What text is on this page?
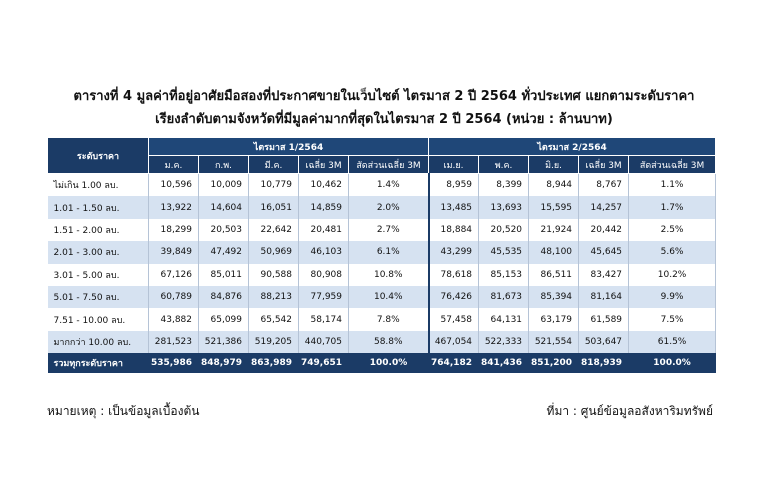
ตารางที่ 4 มูลค่าที่อยู่อาศัยมือสองที่ประกาศขายในเว็บไซต์ ไตรมาส 2 ปี 2564 ทั่วประเทศ แยกตามระดับราคา
เรียงลำดับตามจังหวัดที่มีมูลค่ามากที่สุดในไตรมาส 2 ปี 2564 (หน่วย : ล้านบาท)
ระดับราคา	ไตรมาส 1/2564					ไตรมาส 2/2564				
	ม.ค.	ก.พ.	มี.ค.	เฉลี่ย 3M	สัดส่วนเฉลี่ย 3M	เม.ย.	พ.ค.	มิ.ย.	เฉลี่ย 3M	สัดส่วนเฉลี่ย 3M
ไม่เกิน 1.00 ลบ.	10,596	10,009	10,779	10,462	1.4%	8,959	8,399	8,944	8,767	1.1%
1.01 - 1.50 ลบ.	13,922	14,604	16,051	14,859	2.0%	13,485	13,693	15,595	14,257	1.7%
1.51 - 2.00 ลบ.	18,299	20,503	22,642	20,481	2.7%	18,884	20,520	21,924	20,442	2.5%
2.01 - 3.00 ลบ.	39,849	47,492	50,969	46,103	6.1%	43,299	45,535	48,100	45,645	5.6%
3.01 - 5.00 ลบ.	67,126	85,011	90,588	80,908	10.8%	78,618	85,153	86,511	83,427	10.2%
5.01 - 7.50 ลบ.	60,789	84,876	88,213	77,959	10.4%	76,426	81,673	85,394	81,164	9.9%
7.51 - 10.00 ลบ.	43,882	65,099	65,542	58,174	7.8%	57,458	64,131	63,179	61,589	7.5%
มากกว่า 10.00 ลบ.	281,523	521,386	519,205	440,705	58.8%	467,054	522,333	521,554	503,647	61.5%
รวมทุกระดับราคา	535,986	848,979	863,989	749,651	100.0%	764,182	841,436	851,200	818,939	100.0%
หมายเหตุ : เป็นข้อมูลเบื้องต้น	ที่มา : ศูนย์ข้อมูลอสังหาริมทรัพย์
